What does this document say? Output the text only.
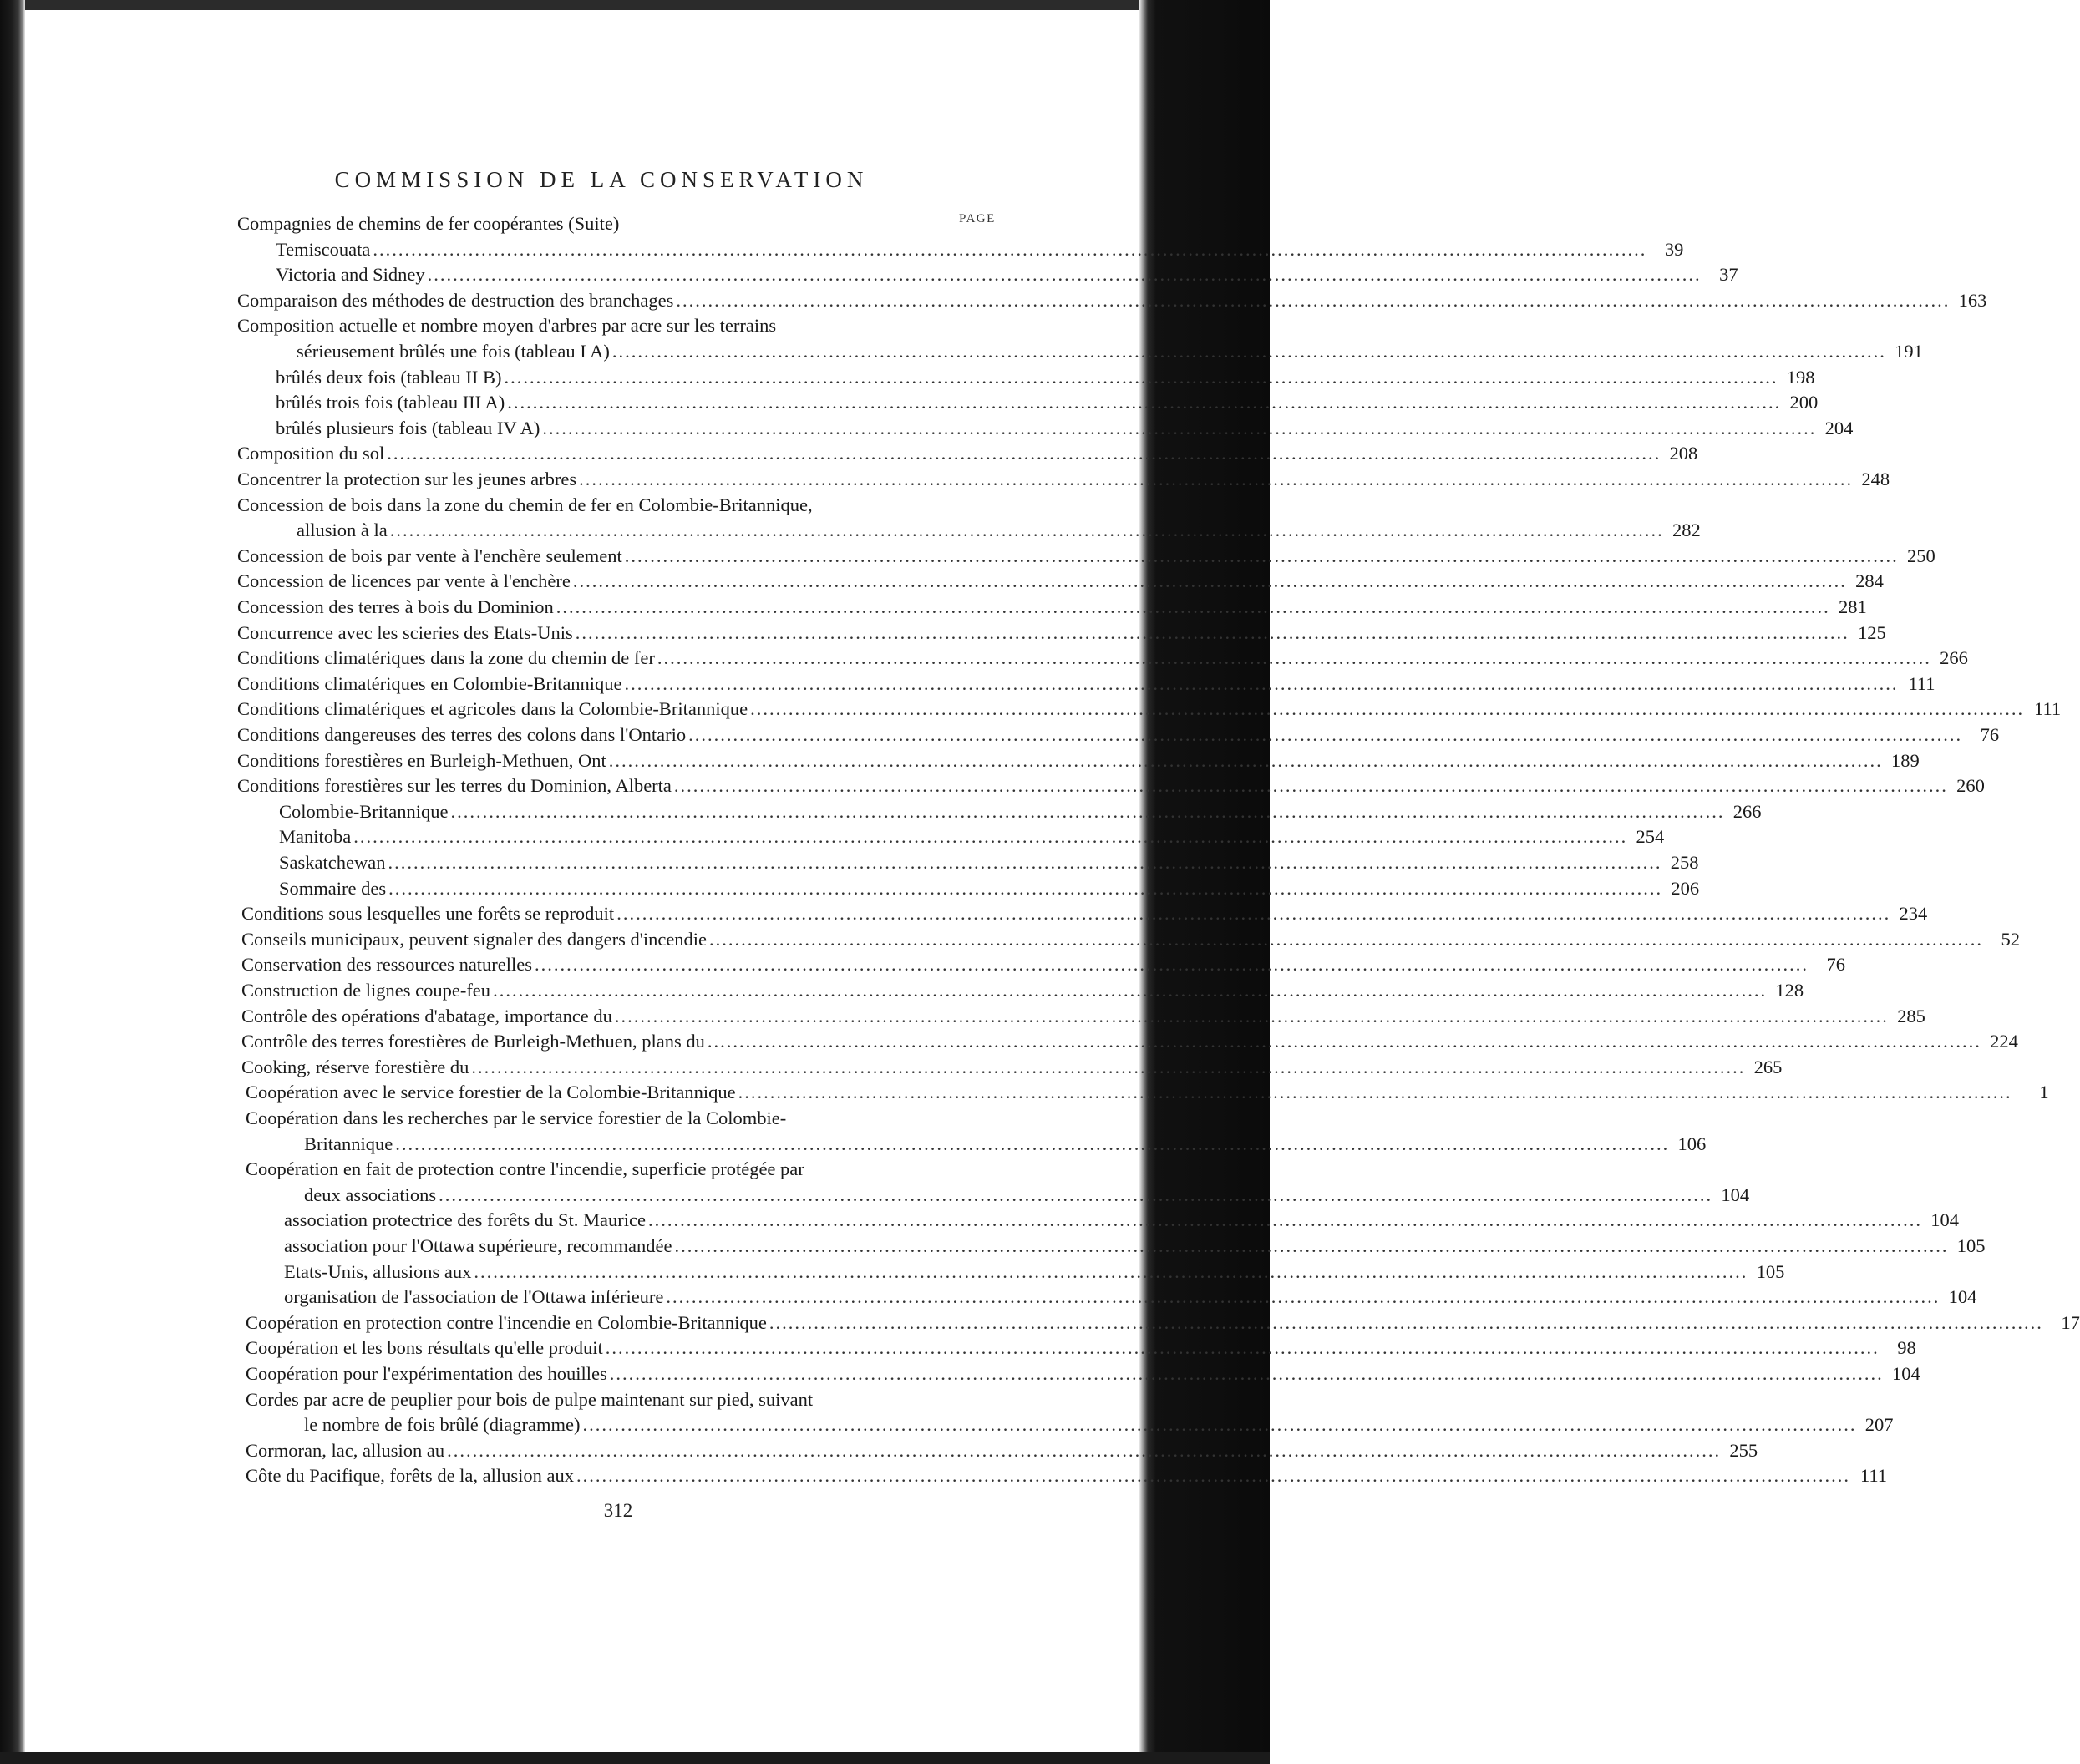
COMMISSION DE LA CONSERVATION
PAGE
Compagnies de chemins de fer coopérantes (Suite)
Temiscouata ........................................................................................................................................................................................................ 39
Victoria and Sidney ........................................................................................................................................................................................................ 37
Comparaison des méthodes de destruction des branchages ........................................................................................................................................................................................................ 163
Composition actuelle et nombre moyen d'arbres par acre sur les terrains
sérieusement brûlés une fois (tableau I A) ........................................................................................................................................................................................................ 191
brûlés deux fois (tableau II B) ........................................................................................................................................................................................................ 198
brûlés trois fois (tableau III A) ........................................................................................................................................................................................................ 200
brûlés plusieurs fois (tableau IV A) ........................................................................................................................................................................................................ 204
Composition du sol ........................................................................................................................................................................................................ 208
Concentrer la protection sur les jeunes arbres ........................................................................................................................................................................................................ 248
Concession de bois dans la zone du chemin de fer en Colombie-Britannique,
allusion à la ........................................................................................................................................................................................................ 282
Concession de bois par vente à l'enchère seulement ........................................................................................................................................................................................................ 250
Concession de licences par vente à l'enchère ........................................................................................................................................................................................................ 284
Concession des terres à bois du Dominion ........................................................................................................................................................................................................ 281
Concurrence avec les scieries des Etats-Unis ........................................................................................................................................................................................................ 125
Conditions climatériques dans la zone du chemin de fer ........................................................................................................................................................................................................ 266
Conditions climatériques en Colombie-Britannique ........................................................................................................................................................................................................ 111
Conditions climatériques et agricoles dans la Colombie-Britannique ........................................................................................................................................................................................................ 111
Conditions dangereuses des terres des colons dans l'Ontario ........................................................................................................................................................................................................ 76
Conditions forestières en Burleigh-Methuen, Ont ........................................................................................................................................................................................................ 189
Conditions forestières sur les terres du Dominion, Alberta ........................................................................................................................................................................................................ 260
Colombie-Britannique ........................................................................................................................................................................................................ 266
Manitoba ........................................................................................................................................................................................................ 254
Saskatchewan ........................................................................................................................................................................................................ 258
Sommaire des ........................................................................................................................................................................................................ 206
Conditions sous lesquelles une forêts se reproduit ........................................................................................................................................................................................................ 234
Conseils municipaux, peuvent signaler des dangers d'incendie ........................................................................................................................................................................................................ 52
Conservation des ressources naturelles ........................................................................................................................................................................................................ 76
Construction de lignes coupe-feu ........................................................................................................................................................................................................ 128
Contrôle des opérations d'abatage, importance du ........................................................................................................................................................................................................ 285
Contrôle des terres forestières de Burleigh-Methuen, plans du ........................................................................................................................................................................................................ 224
Cooking, réserve forestière du ........................................................................................................................................................................................................ 265
Coopération avec le service forestier de la Colombie-Britannique ........................................................................................................................................................................................................	1
Coopération dans les recherches par le service forestier de la Colombie-
Britannique ........................................................................................................................................................................................................ 106
Coopération en fait de protection contre l'incendie, superficie protégée par
deux associations ........................................................................................................................................................................................................ 104
association protectrice des forêts du St. Maurice ........................................................................................................................................................................................................ 104
association pour l'Ottawa supérieure, recommandée ........................................................................................................................................................................................................ 105
Etats-Unis, allusions aux ........................................................................................................................................................................................................ 105
organisation de l'association de l'Ottawa inférieure ........................................................................................................................................................................................................ 104
Coopération en protection contre l'incendie en Colombie-Britannique ........................................................................................................................................................................................................ 17
Coopération et les bons résultats qu'elle produit ........................................................................................................................................................................................................ 98
Coopération pour l'expérimentation des houilles ........................................................................................................................................................................................................ 104
Cordes par acre de peuplier pour bois de pulpe maintenant sur pied, suivant
le nombre de fois brûlé (diagramme) ........................................................................................................................................................................................................ 207
Cormoran, lac, allusion au ........................................................................................................................................................................................................ 255
Côte du Pacifique, forêts de la, allusion aux ........................................................................................................................................................................................................ 111
312
